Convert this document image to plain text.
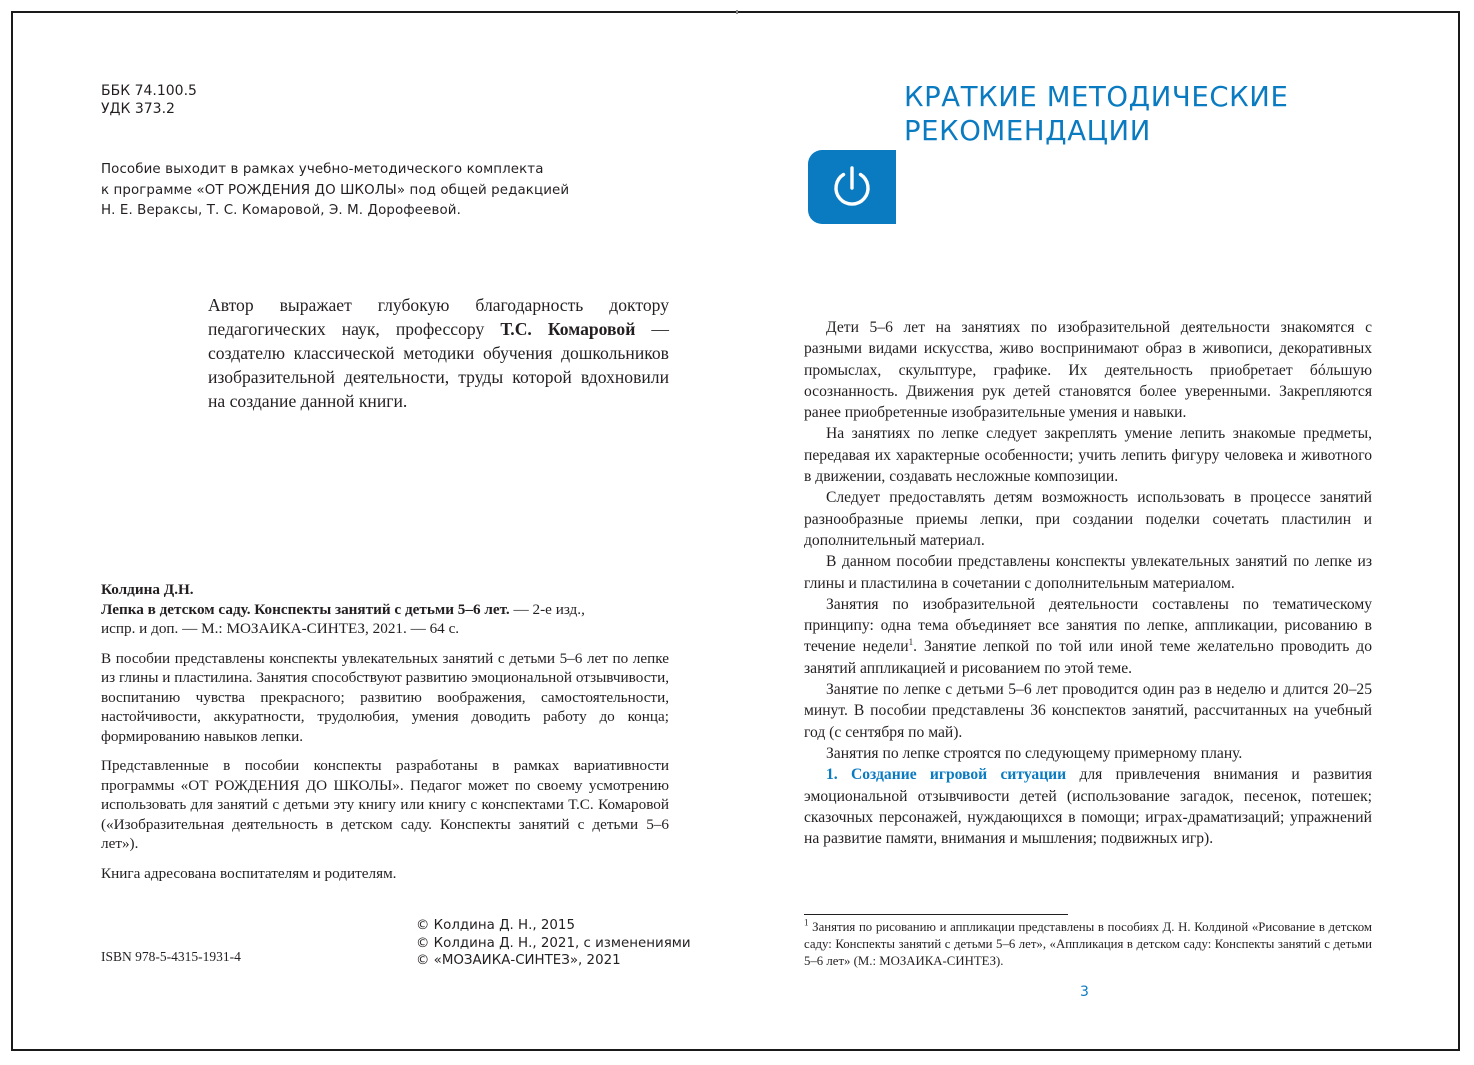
ББК 74.100.5
УДК 373.2
Пособие выходит в рамках учебно-методического комплекта
к программе «ОТ РОЖДЕНИЯ ДО ШКОЛЫ» под общей редакцией
Н. Е. Вераксы, Т. С. Комаровой, Э. М. Дорофеевой.

Автор выражает глубокую благодарность доктору педагогических наук, профессору Т.С. Комаровой — создателю классической методики обучения дошкольников изобразительной деятельности, труды которой вдохновили на создание данной книги.

Колдина Д.Н.
Лепка в детском саду. Конспекты занятий с детьми 5–6 лет. — 2-е изд.,
испр. и доп. — М.: МОЗАИКА-СИНТЕЗ, 2021. — 64 с.

В пособии представлены конспекты увлекательных занятий с детьми 5–6 лет по лепке из глины и пластилина. Занятия способствуют развитию эмоциональной отзывчивости, воспитанию чувства прекрасного; развитию воображения, самостоятельности, настойчивости, аккуратности, трудолюбия, умения доводить работу до конца; формированию навыков лепки.

Представленные в пособии конспекты разработаны в рамках вариативности программы «ОТ РОЖДЕНИЯ ДО ШКОЛЫ». Педагог может по своему усмотрению использовать для занятий с детьми эту книгу или книгу с конспектами Т.С. Комаровой («Изобразительная деятельность в детском саду. Конспекты занятий с детьми 5–6 лет»).

Книга адресована воспитателям и родителям.

ISBN 978-5-4315-1931-4
© Колдина Д. Н., 2015
© Колдина Д. Н., 2021, с изменениями
© «МОЗАИКА-СИНТЕЗ», 2021
КРАТКИЕ МЕТОДИЧЕСКИЕ
РЕКОМЕНДАЦИИ

Дети 5–6 лет на занятиях по изобразительной деятельности знакомятся с разными видами искусства, живо воспринимают образ в живописи, декоративных промыслах, скульптуре, графике. Их деятельность приобретает бóльшую осознанность. Движения рук детей становятся более уверенными. Закрепляются ранее приобретенные изобразительные умения и навыки.

На занятиях по лепке следует закреплять умение лепить знакомые предметы, передавая их характерные особенности; учить лепить фигуру человека и животного в движении, создавать несложные композиции.

Следует предоставлять детям возможность использовать в процессе занятий разнообразные приемы лепки, при создании поделки сочетать пластилин и дополнительный материал.

В данном пособии представлены конспекты увлекательных занятий по лепке из глины и пластилина в сочетании с дополнительным материалом.

Занятия по изобразительной деятельности составлены по тематическому принципу: одна тема объединяет все занятия по лепке, аппликации, рисованию в течение недели$^1$. Занятие лепкой по той или иной теме желательно проводить до занятий аппликацией и рисованием по этой теме.

Занятие по лепке с детьми 5–6 лет проводится один раз в неделю и длится 20–25 минут. В пособии представлены 36 конспектов занятий, рассчитанных на учебный год (с сентября по май).

Занятия по лепке строятся по следующему примерному плану.

1. Создание игровой ситуации для привлечения внимания и развития эмоциональной отзывчивости детей (использование загадок, песенок, потешек; сказочных персонажей, нуждающихся в помощи; играх-драматизаций; упражнений на развитие памяти, внимания и мышления; подвижных игр).

$^1$ Занятия по рисованию и аппликации представлены в пособиях Д. Н. Колдиной «Рисование в детском саду: Конспекты занятий с детьми 5–6 лет», «Аппликация в детском саду: Конспекты занятий с детьми 5–6 лет» (М.: МОЗАИКА-СИНТЕЗ).
3
